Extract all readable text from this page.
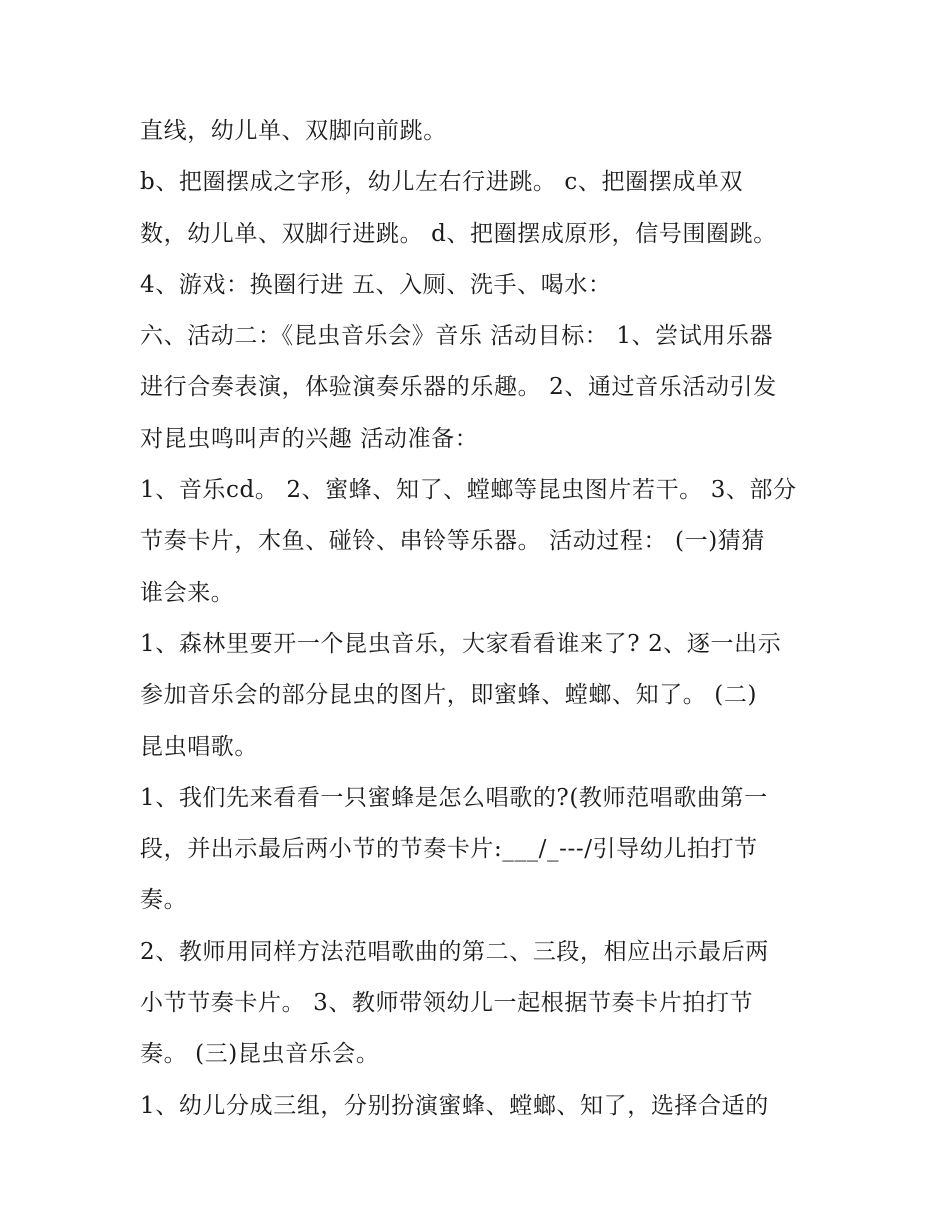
直线，幼儿单、双脚向前跳。
b、把圈摆成之字形，幼儿左右行进跳。 c、把圈摆成单双
数，幼儿单、双脚行进跳。 d、把圈摆成原形，信号围圈跳。
4、游戏：换圈行进 五、入厕、洗手、喝水：
六、活动二：《昆虫音乐会》音乐 活动目标： 1、尝试用乐器
进行合奏表演，体验演奏乐器的乐趣。 2、通过音乐活动引发
对昆虫鸣叫声的兴趣 活动准备：
1、音乐cd。 2、蜜蜂、知了、螳螂等昆虫图片若干。 3、部分
节奏卡片，木鱼、碰铃、串铃等乐器。 活动过程： (一)猜猜
谁会来。
1、森林里要开一个昆虫音乐，大家看看谁来了? 2、逐一出示
参加音乐会的部分昆虫的图片，即蜜蜂、螳螂、知了。 (二)
昆虫唱歌。
1、我们先来看看一只蜜蜂是怎么唱歌的?(教师范唱歌曲第一
段，并出示最后两小节的节奏卡片:___/_---/引导幼儿拍打节
奏。
2、教师用同样方法范唱歌曲的第二、三段，相应出示最后两
小节节奏卡片。 3、教师带领幼儿一起根据节奏卡片拍打节
奏。 (三)昆虫音乐会。
1、幼儿分成三组，分别扮演蜜蜂、螳螂、知了，选择合适的
